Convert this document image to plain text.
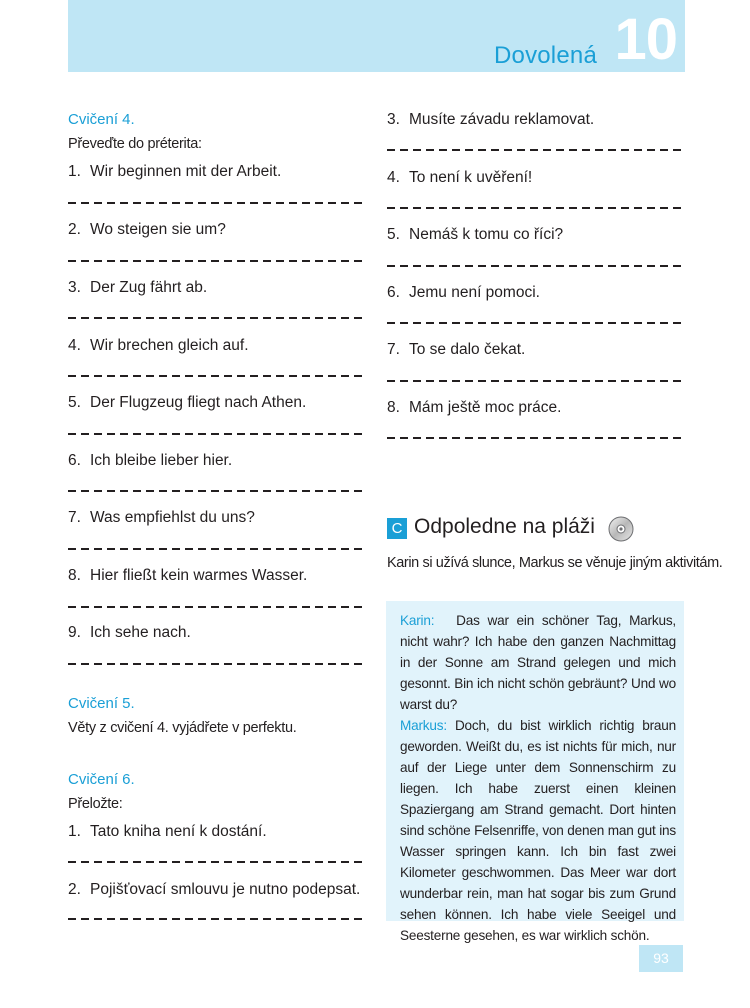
Dovolená 10
Cvičení 4.
Převeďte do préterita:
1. Wir beginnen mit der Arbeit.
2. Wo steigen sie um?
3. Der Zug fährt ab.
4. Wir brechen gleich auf.
5. Der Flugzeug fliegt nach Athen.
6. Ich bleibe lieber hier.
7. Was empfiehlst du uns?
8. Hier fließt kein warmes Wasser.
9. Ich sehe nach.
Cvičení 5.
Věty z cvičení 4. vyjádřete v perfektu.
Cvičení 6.
Přeložte:
1. Tato kniha není k dostání.
2. Pojišťovací smlouvu je nutno podepsat.
3. Musíte závadu reklamovat.
4. To není k uvěření!
5. Nemáš k tomu co říci?
6. Jemu není pomoci.
7. To se dalo čekat.
8. Mám ještě moc práce.
C Odpoledne na pláži
Karin si užívá slunce, Markus se věnuje jiným aktivitám.
Karin: Das war ein schöner Tag, Markus, nicht wahr? Ich habe den ganzen Nachmittag in der Sonne am Strand gelegen und mich gesonnt. Bin ich nicht schön gebräunt? Und wo warst du?
Markus: Doch, du bist wirklich richtig braun geworden. Weißt du, es ist nichts für mich, nur auf der Liege unter dem Sonnenschirm zu liegen. Ich habe zuerst einen kleinen Spaziergang am Strand gemacht. Dort hinten sind schöne Felsenriffe, von denen man gut ins Wasser springen kann. Ich bin fast zwei Kilometer geschwommen. Das Meer war dort wunderbar rein, man hat sogar bis zum Grund sehen können. Ich habe viele Seeigel und Seesterne gesehen, es war wirklich schön.
93
